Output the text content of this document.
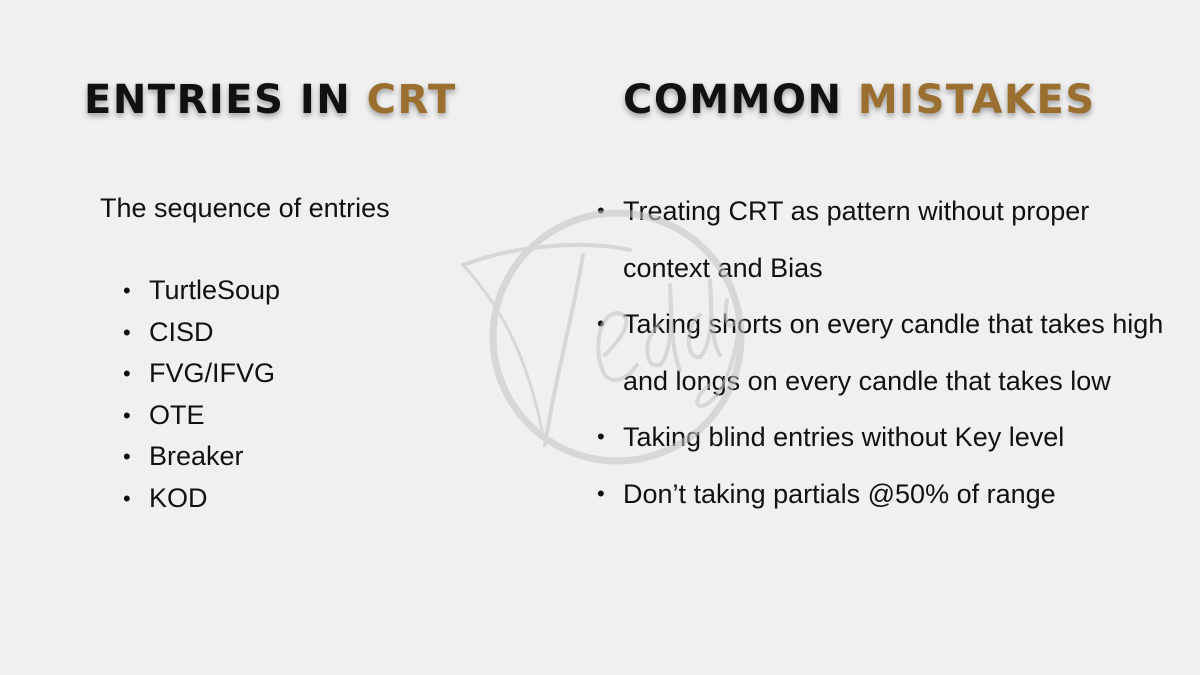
ENTRIES IN CRT	COMMON MISTAKES
The sequence of entries
• TurtleSoup
• CISD
• FVG/IFVG
• OTE
• Breaker
• KOD
• Treating CRT as pattern without proper context and Bias
• Taking shorts on every candle that takes high and longs on every candle that takes low
• Taking blind entries without Key level
• Don’t taking partials @50% of range
